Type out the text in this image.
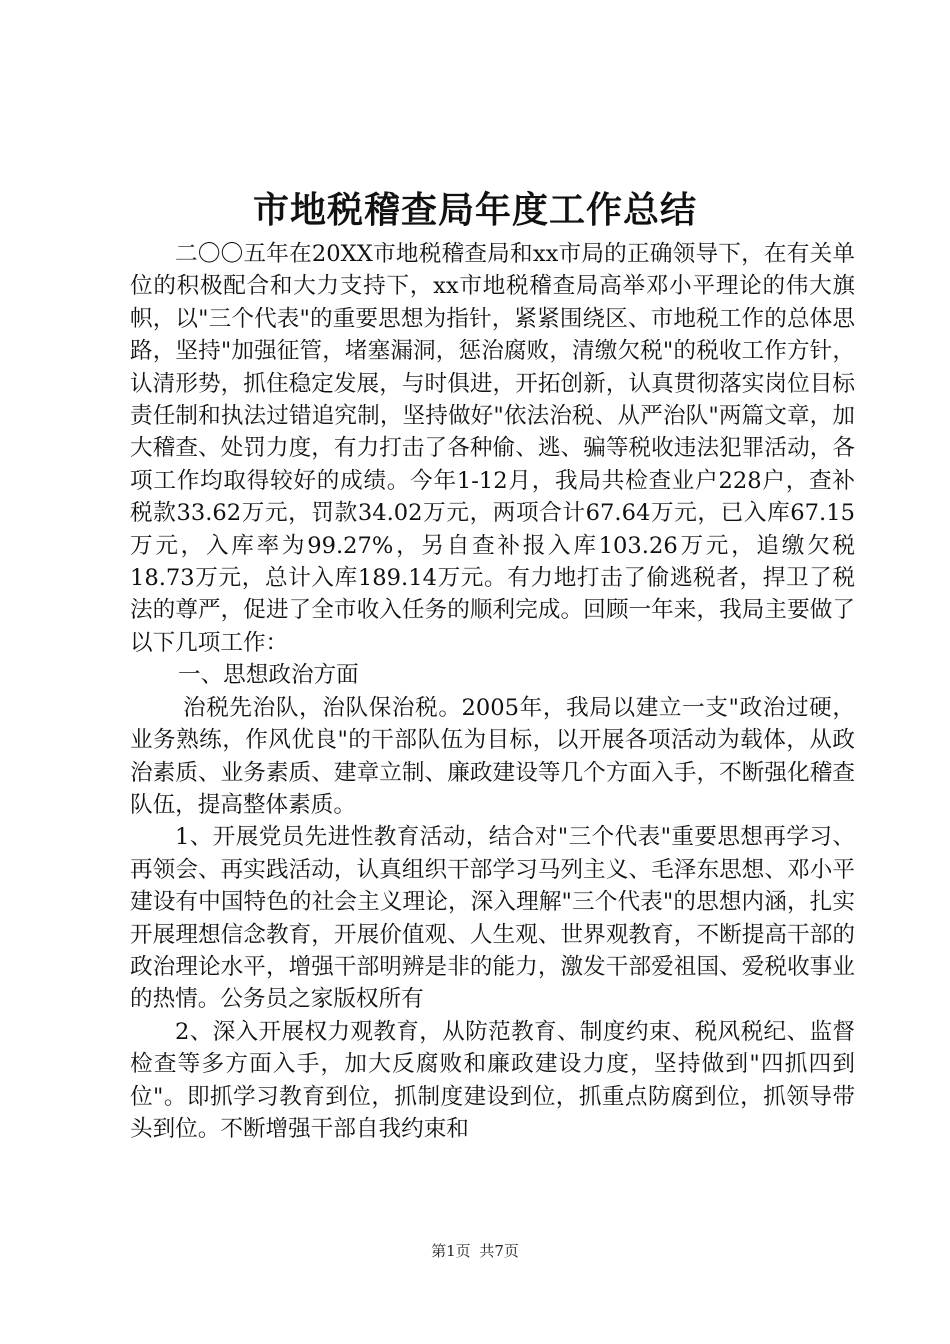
市地税稽查局年度工作总结

二〇〇五年在20XX市地税稽查局和xx市局的正确领导下，在有关单位的积极配合和大力支持下，xx市地税稽查局高举邓小平理论的伟大旗帜，以"三个代表"的重要思想为指针，紧紧围绕区、市地税工作的总体思路，坚持"加强征管，堵塞漏洞，惩治腐败，清缴欠税"的税收工作方针，认清形势，抓住稳定发展，与时俱进，开拓创新，认真贯彻落实岗位目标责任制和执法过错追究制，坚持做好"依法治税、从严治队"两篇文章，加大稽查、处罚力度，有力打击了各种偷、逃、骗等税收违法犯罪活动，各项工作均取得较好的成绩。今年1-12月，我局共检查业户228户，查补税款33.62万元，罚款34.02万元，两项合计67.64万元，已入库67.15万元，入库率为99.27%，另自查补报入库103.26万元，追缴欠税18.73万元，总计入库189.14万元。有力地打击了偷逃税者，捍卫了税法的尊严，促进了全市收入任务的顺利完成。回顾一年来，我局主要做了以下几项工作：

一、思想政治方面

治税先治队，治队保治税。2005年，我局以建立一支"政治过硬，业务熟练，作风优良"的干部队伍为目标，以开展各项活动为载体，从政治素质、业务素质、建章立制、廉政建设等几个方面入手，不断强化稽查队伍，提高整体素质。

1、开展党员先进性教育活动，结合对"三个代表"重要思想再学习、再领会、再实践活动，认真组织干部学习马列主义、毛泽东思想、邓小平建设有中国特色的社会主义理论，深入理解"三个代表"的思想内涵，扎实开展理想信念教育，开展价值观、人生观、世界观教育，不断提高干部的政治理论水平，增强干部明辨是非的能力，激发干部爱祖国、爱税收事业的热情。公务员之家版权所有

2、深入开展权力观教育，从防范教育、制度约束、税风税纪、监督检查等多方面入手，加大反腐败和廉政建设力度，坚持做到"四抓四到位"。即抓学习教育到位，抓制度建设到位，抓重点防腐到位，抓领导带头到位。不断增强干部自我约束和

第1页 共7页
